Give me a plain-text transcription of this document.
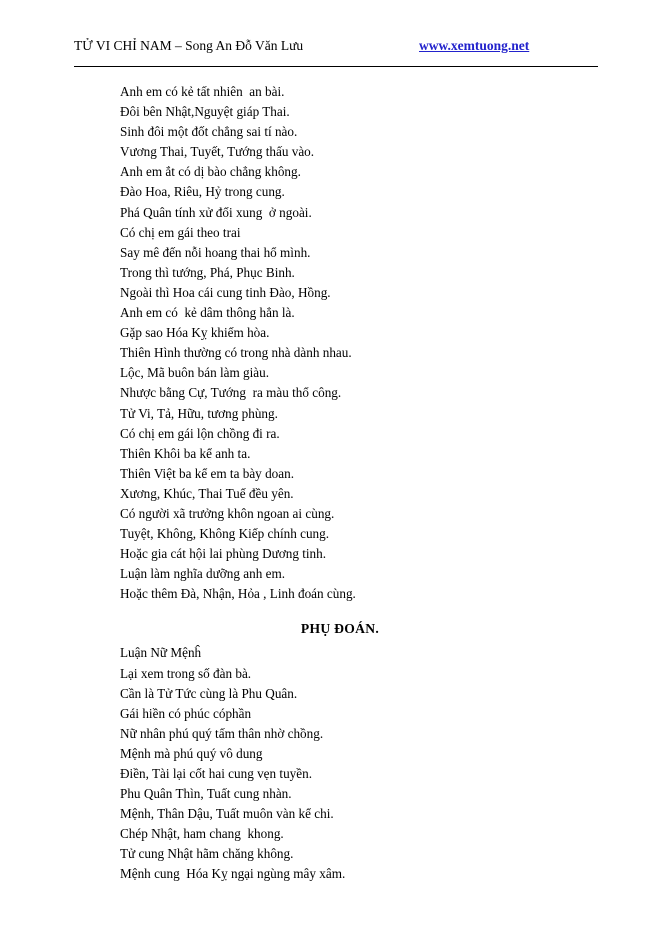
TỬ VI CHỈ NAM – Song An Đỗ Văn Lưu	www.xemtuong.net
Anh em có kẻ tất nhiên  an bài.
Đôi bên Nhật,Nguyệt giáp Thai.
Sinh đôi một đốt chẳng sai tí nào.
Vương Thai, Tuyết, Tướng thấu vào.
Anh em ắt có dị bào chẳng không.
Đào Hoa, Riêu, Hỷ trong cung.
Phá Quân tính xử đối xung  ở ngoài.
Có chị em gái theo trai
Say mê đến nỗi hoang thai hổ mình.
Trong thì tướng, Phá, Phục Binh.
Ngoài thì Hoa cái cung tinh Đào, Hồng.
Anh em có  kẻ dâm thông hẳn là.
Gặp sao Hóa Kỵ khiếm hòa.
Thiên Hình thường có trong nhà dành nhau.
Lộc, Mã buôn bán làm giàu.
Nhược bằng Cự, Tướng  ra màu thổ công.
Tử Vi, Tả, Hữu, tương phùng.
Có chị em gái lộn chồng đi ra.
Thiên Khôi ba kể anh ta.
Thiên Việt ba kể em ta bày doan.
Xương, Khúc, Thai Tuế đều yên.
Có người xã trưởng khôn ngoan ai cùng.
Tuyệt, Không, Không Kiếp chính cung.
Hoặc gia cát hội lai phùng Dương tinh.
Luận làm nghĩa dưỡng anh em.
Hoặc thêm Đà, Nhận, Hỏa , Linh đoán cùng.
PHỤ ĐOÁN.
Luận Nữ Mệnĥ
Lại xem trong số đàn bà.
Cần là Tử Tức cùng là Phu Quân.
Gái hiền có phúc cóphần
Nữ nhân phú quý tấm thân nhờ chồng.
Mệnh mà phú quý vô dung
Điền, Tài lại cốt hai cung vẹn tuyền.
Phu Quân Thìn, Tuất cung nhàn.
Mệnh, Thân Dậu, Tuất muôn vàn kể chi.
Chép Nhật, ham chang  khong.
Tử cung Nhật hãm chăng không.
Mệnh cung  Hóa Kỵ ngại ngùng mây xâm.
